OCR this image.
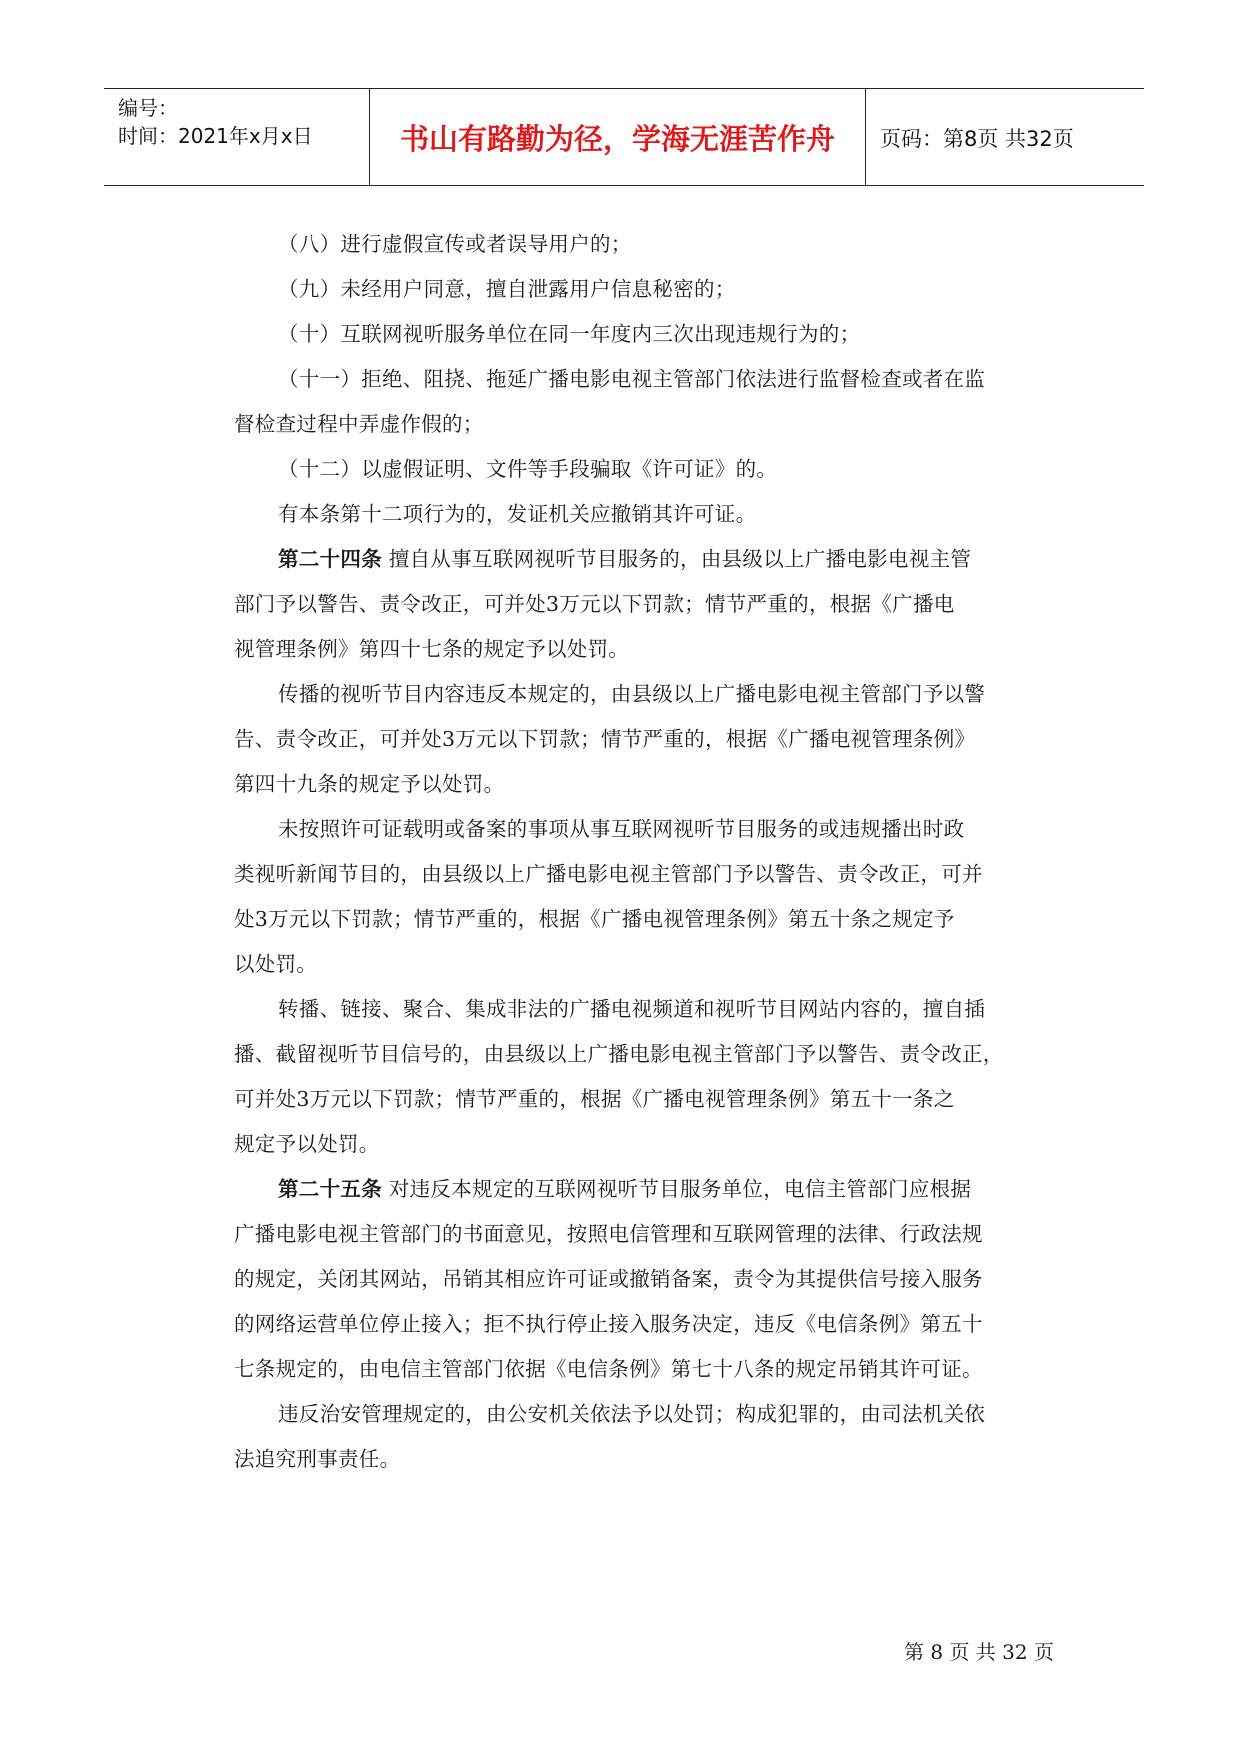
编号：
时间：2021年x月x日	书山有路勤为径，学海无涯苦作舟	页码：第8页 共32页
（八）进行虚假宣传或者误导用户的；
（九）未经用户同意，擅自泄露用户信息秘密的；
（十）互联网视听服务单位在同一年度内三次出现违规行为的；
（十一）拒绝、阻挠、拖延广播电影电视主管部门依法进行监督检查或者在监
督检查过程中弄虚作假的；
（十二）以虚假证明、文件等手段骗取《许可证》的。
有本条第十二项行为的，发证机关应撤销其许可证。
第二十四条 擅自从事互联网视听节目服务的，由县级以上广播电影电视主管
部门予以警告、责令改正，可并处3万元以下罚款；情节严重的，根据《广播电
视管理条例》第四十七条的规定予以处罚。
传播的视听节目内容违反本规定的，由县级以上广播电影电视主管部门予以警
告、责令改正，可并处3万元以下罚款；情节严重的，根据《广播电视管理条例》
第四十九条的规定予以处罚。
未按照许可证载明或备案的事项从事互联网视听节目服务的或违规播出时政
类视听新闻节目的，由县级以上广播电影电视主管部门予以警告、责令改正，可并
处3万元以下罚款；情节严重的，根据《广播电视管理条例》第五十条之规定予
以处罚。
转播、链接、聚合、集成非法的广播电视频道和视听节目网站内容的，擅自插
播、截留视听节目信号的，由县级以上广播电影电视主管部门予以警告、责令改正，
可并处3万元以下罚款；情节严重的，根据《广播电视管理条例》第五十一条之
规定予以处罚。
第二十五条 对违反本规定的互联网视听节目服务单位，电信主管部门应根据
广播电影电视主管部门的书面意见，按照电信管理和互联网管理的法律、行政法规
的规定，关闭其网站，吊销其相应许可证或撤销备案，责令为其提供信号接入服务
的网络运营单位停止接入；拒不执行停止接入服务决定，违反《电信条例》第五十
七条规定的，由电信主管部门依据《电信条例》第七十八条的规定吊销其许可证。
违反治安管理规定的，由公安机关依法予以处罚；构成犯罪的，由司法机关依
法追究刑事责任。
第 8 页 共 32 页
